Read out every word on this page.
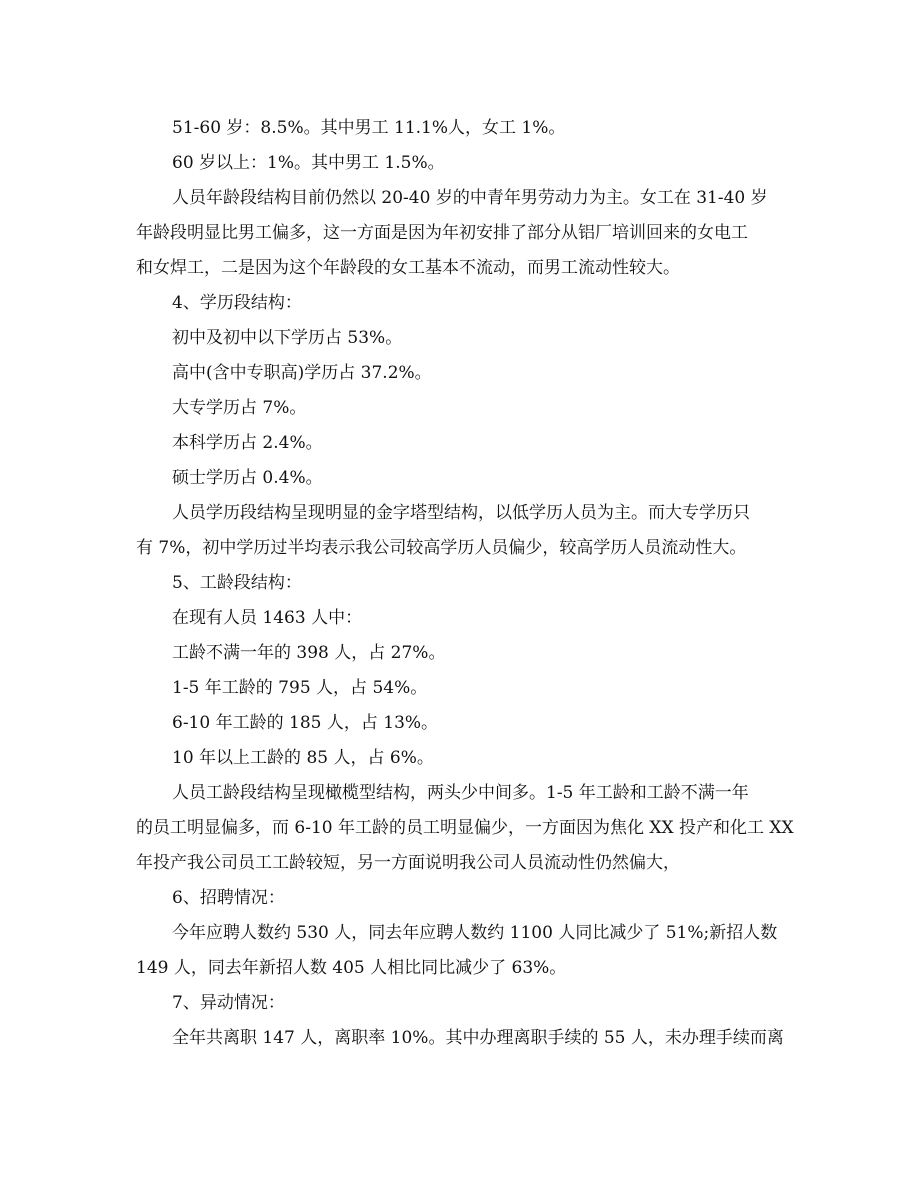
51-60 岁：8.5%。其中男工 11.1%人，女工 1%。
60 岁以上：1%。其中男工 1.5%。
人员年龄段结构目前仍然以 20-40 岁的中青年男劳动力为主。女工在 31-40 岁
年龄段明显比男工偏多，这一方面是因为年初安排了部分从铝厂培训回来的女电工
和女焊工，二是因为这个年龄段的女工基本不流动，而男工流动性较大。
4、学历段结构：
初中及初中以下学历占 53%。
高中(含中专职高)学历占 37.2%。
大专学历占 7%。
本科学历占 2.4%。
硕士学历占 0.4%。
人员学历段结构呈现明显的金字塔型结构，以低学历人员为主。而大专学历只
有 7%，初中学历过半均表示我公司较高学历人员偏少，较高学历人员流动性大。
5、工龄段结构：
在现有人员 1463 人中：
工龄不满一年的 398 人，占 27%。
1-5 年工龄的 795 人，占 54%。
6-10 年工龄的 185 人，占 13%。
10 年以上工龄的 85 人，占 6%。
人员工龄段结构呈现橄榄型结构，两头少中间多。1-5 年工龄和工龄不满一年
的员工明显偏多，而 6-10 年工龄的员工明显偏少，一方面因为焦化 XX 投产和化工 XX
年投产我公司员工工龄较短，另一方面说明我公司人员流动性仍然偏大，
6、招聘情况：
今年应聘人数约 530 人，同去年应聘人数约 1100 人同比减少了 51%;新招人数
149 人，同去年新招人数 405 人相比同比减少了 63%。
7、异动情况：
全年共离职 147 人，离职率 10%。其中办理离职手续的 55 人，未办理手续而离
